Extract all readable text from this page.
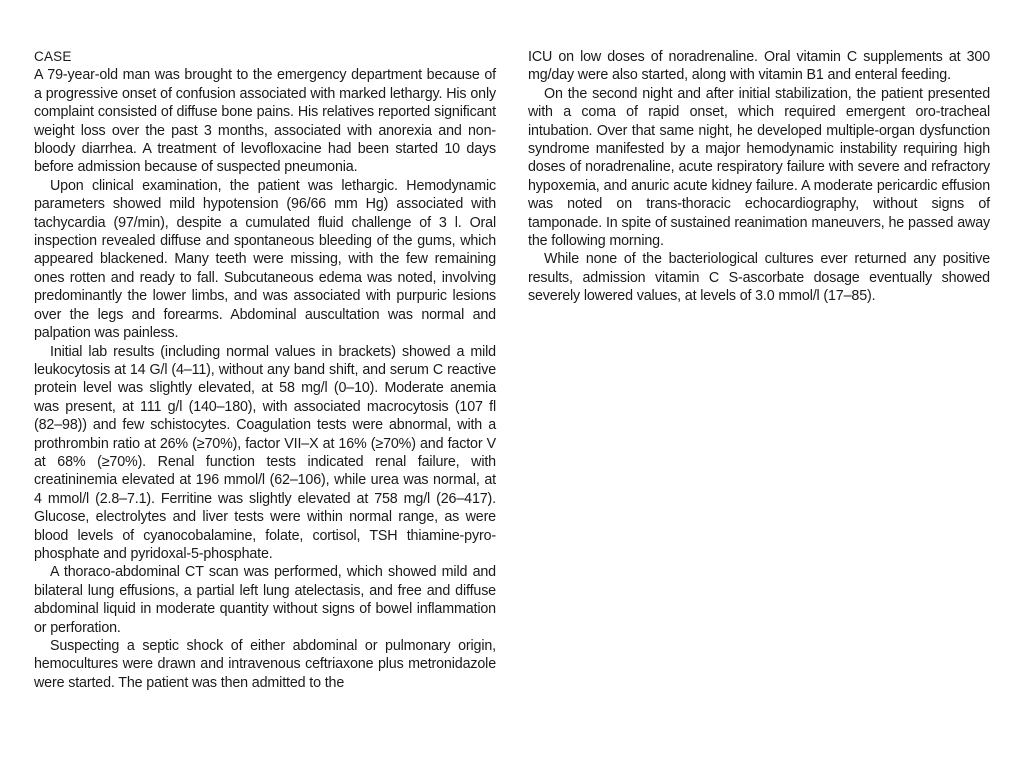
CASE

A 79-year-old man was brought to the emergency department because of a progressive onset of confusion associated with marked lethargy. His only complaint consisted of diffuse bone pains. His relatives reported significant weight loss over the past 3 months, associated with anorexia and non-bloody diarrhea. A treatment of levofloxacine had been started 10 days before admission because of suspected pneumonia.

Upon clinical examination, the patient was lethargic. Hemodynamic parameters showed mild hypotension (96/66 mm Hg) associated with tachycardia (97/min), despite a cumulated fluid challenge of 3 l. Oral inspection revealed diffuse and spontaneous bleeding of the gums, which appeared blackened. Many teeth were missing, with the few remaining ones rotten and ready to fall. Subcutaneous edema was noted, involving predominantly the lower limbs, and was associated with purpuric lesions over the legs and forearms. Abdominal auscultation was normal and palpation was painless.

Initial lab results (including normal values in brackets) showed a mild leukocytosis at 14 G/l (4–11), without any band shift, and serum C reactive protein level was slightly elevated, at 58 mg/l (0–10). Moderate anemia was present, at 111 g/l (140–180), with associated macrocytosis (107 fl (82–98)) and few schistocytes. Coagulation tests were abnormal, with a prothrombin ratio at 26% (≥70%), factor VII–X at 16% (≥70%) and factor V at 68% (≥70%). Renal function tests indicated renal failure, with creatininemia elevated at 196 mmol/l (62–106), while urea was normal, at 4 mmol/l (2.8–7.1). Ferritine was slightly elevated at 758 mg/l (26–417). Glucose, electrolytes and liver tests were within normal range, as were blood levels of cyanocobalamine, folate, cortisol, TSH thiamine-pyro-phosphate and pyridoxal-5-phosphate.

A thoraco-abdominal CT scan was performed, which showed mild and bilateral lung effusions, a partial left lung atelectasis, and free and diffuse abdominal liquid in moderate quantity without signs of bowel inflammation or perforation.

Suspecting a septic shock of either abdominal or pulmonary origin, hemocultures were drawn and intravenous ceftriaxone plus metronidazole were started. The patient was then admitted to the

ICU on low doses of noradrenaline. Oral vitamin C supplements at 300 mg/day were also started, along with vitamin B1 and enteral feeding.

On the second night and after initial stabilization, the patient presented with a coma of rapid onset, which required emergent oro-tracheal intubation. Over that same night, he developed multiple-organ dysfunction syndrome manifested by a major hemodynamic instability requiring high doses of noradrenaline, acute respiratory failure with severe and refractory hypoxemia, and anuric acute kidney failure. A moderate pericardic effusion was noted on trans-thoracic echocardiography, without signs of tamponade. In spite of sustained reanimation maneuvers, he passed away the following morning.

While none of the bacteriological cultures ever returned any positive results, admission vitamin C S-ascorbate dosage eventually showed severely lowered values, at levels of 3.0 mmol/l (17–85).
